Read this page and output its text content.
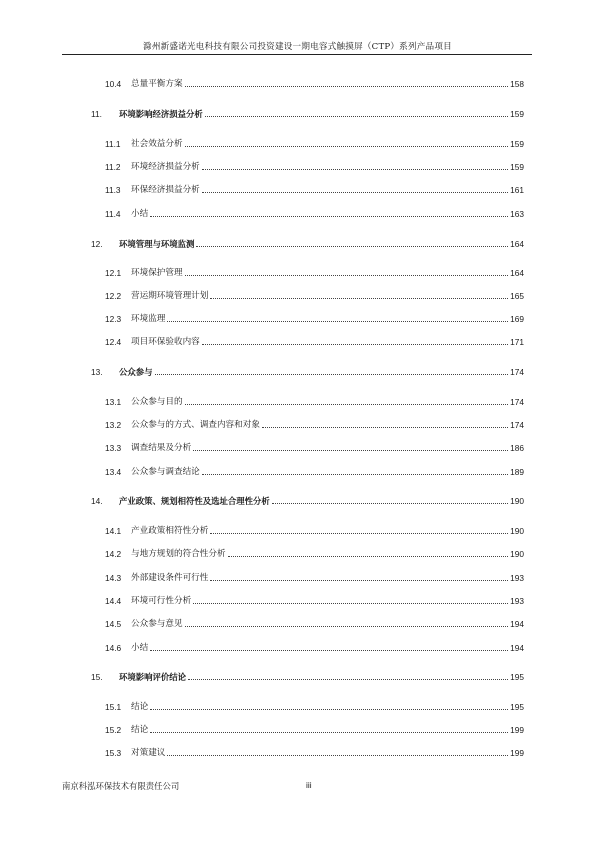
滁州新盛诺光电科技有限公司投资建设一期电容式触摸屏（CTP）系列产品项目
10.4 总量平衡方案	158
11. 环境影响经济损益分析	159
11.1 社会效益分析	159
11.2 环境经济损益分析	159
11.3 环保经济损益分析	161
11.4 小结	163
12. 环境管理与环境监测	164
12.1 环境保护管理	164
12.2 营运期环境管理计划	165
12.3 环境监理	169
12.4 项目环保验收内容	171
13. 公众参与	174
13.1 公众参与目的	174
13.2 公众参与的方式、调查内容和对象	174
13.3 调查结果及分析	186
13.4 公众参与调查结论	189
14. 产业政策、规划相符性及选址合理性分析	190
14.1 产业政策相符性分析	190
14.2 与地方规划的符合性分析	190
14.3 外部建设条件可行性	193
14.4 环境可行性分析	193
14.5 公众参与意见	194
14.6 小结	194
15. 环境影响评价结论	195
15.1 结论	195
15.2 结论	199
15.3 对策建议	199
南京科泓环保技术有限责任公司	iii
